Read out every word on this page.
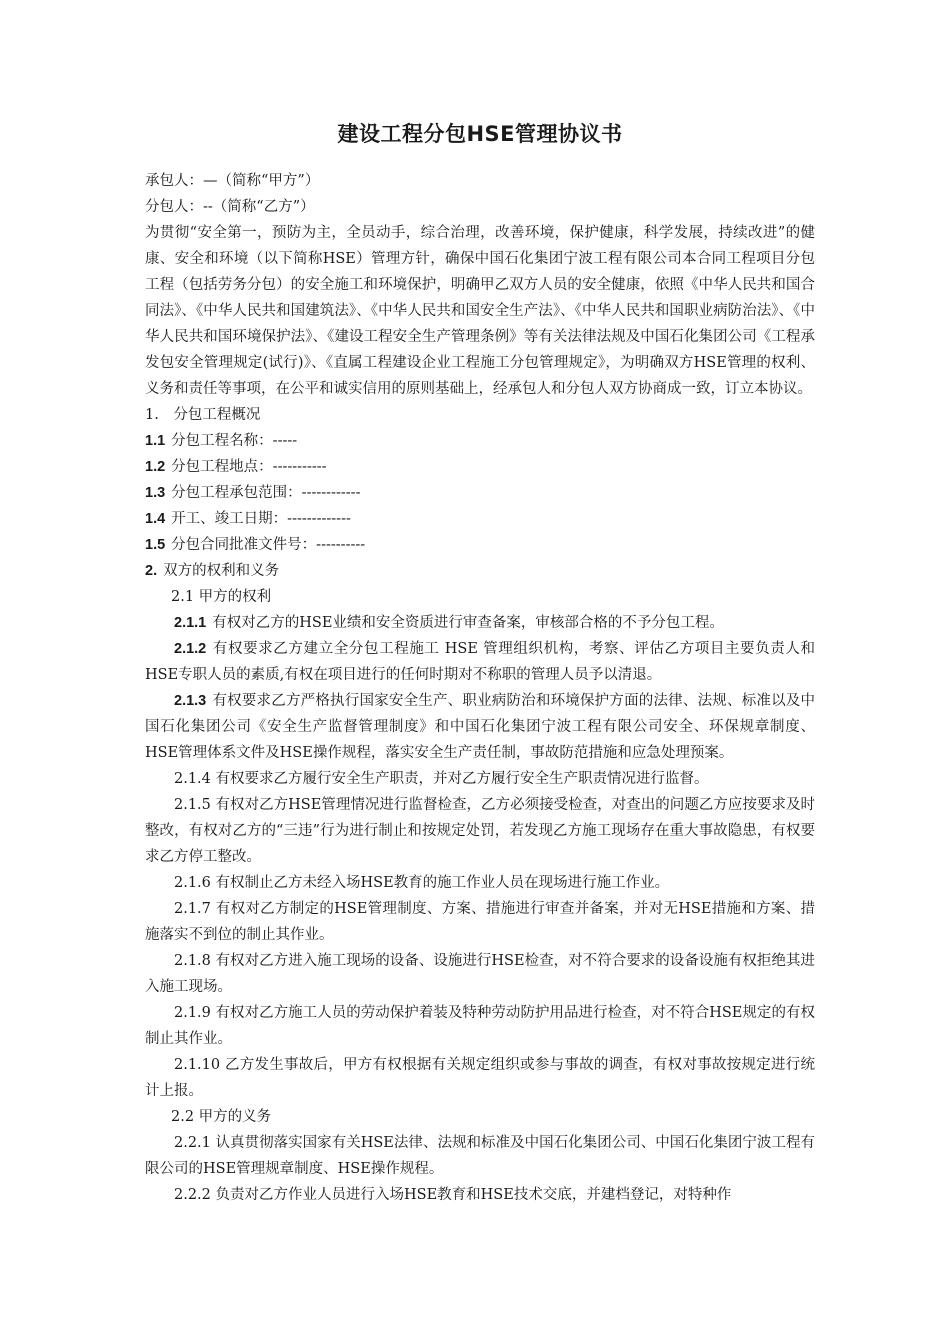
建设工程分包HSE管理协议书

承包人：—（简称“甲方”）

分包人：--（简称“乙方”）

为贯彻“安全第一，预防为主，全员动手，综合治理，改善环境，保护健康，科学发展，持续改进”的健康、安全和环境（以下简称HSE）管理方针，确保中国石化集团宁波工程有限公司本合同工程项目分包工程（包括劳务分包）的安全施工和环境保护，明确甲乙双方人员的安全健康，依照《中华人民共和国合同法》、《中华人民共和国建筑法》、《中华人民共和国安全生产法》、《中华人民共和国职业病防治法》、《中华人民共和国环境保护法》、《建设工程安全生产管理条例》等有关法律法规及中国石化集团公司《工程承发包安全管理规定(试行)》、《直属工程建设企业工程施工分包管理规定》，为明确双方HSE管理的权利、义务和责任等事项，在公平和诚实信用的原则基础上，经承包人和分包人双方协商成一致，订立本协议。

1.　分包工程概况

1.1 分包工程名称：-----

1.2 分包工程地点：-----------

1.3 分包工程承包范围：------------

1.4 开工、竣工日期：-------------

1.5 分包合同批准文件号：----------

2. 双方的权利和义务

2.1 甲方的权利

2.1.1 有权对乙方的HSE业绩和安全资质进行审查备案，审核部合格的不予分包工程。

2.1.2 有权要求乙方建立全分包工程施工 HSE 管理组织机构，考察、评估乙方项目主要负责人和HSE专职人员的素质,有权在项目进行的任何时期对不称职的管理人员予以清退。

2.1.3 有权要求乙方严格执行国家安全生产、职业病防治和环境保护方面的法律、法规、标准以及中国石化集团公司《安全生产监督管理制度》和中国石化集团宁波工程有限公司安全、环保规章制度、HSE管理体系文件及HSE操作规程，落实安全生产责任制，事故防范措施和应急处理预案。

2.1.4 有权要求乙方履行安全生产职责，并对乙方履行安全生产职责情况进行监督。

2.1.5 有权对乙方HSE管理情况进行监督检查，乙方必须接受检查，对查出的问题乙方应按要求及时整改，有权对乙方的“三违”行为进行制止和按规定处罚，若发现乙方施工现场存在重大事故隐患，有权要求乙方停工整改。

2.1.6 有权制止乙方未经入场HSE教育的施工作业人员在现场进行施工作业。

2.1.7 有权对乙方制定的HSE管理制度、方案、措施进行审查并备案，并对无HSE措施和方案、措施落实不到位的制止其作业。

2.1.8 有权对乙方进入施工现场的设备、设施进行HSE检查，对不符合要求的设备设施有权拒绝其进入施工现场。

2.1.9 有权对乙方施工人员的劳动保护着装及特种劳动防护用品进行检查，对不符合HSE规定的有权制止其作业。

2.1.10 乙方发生事故后，甲方有权根据有关规定组织或参与事故的调查，有权对事故按规定进行统计上报。

2.2 甲方的义务

2.2.1 认真贯彻落实国家有关HSE法律、法规和标准及中国石化集团公司、中国石化集团宁波工程有限公司的HSE管理规章制度、HSE操作规程。

2.2.2 负责对乙方作业人员进行入场HSE教育和HSE技术交底，并建档登记，对特种作
